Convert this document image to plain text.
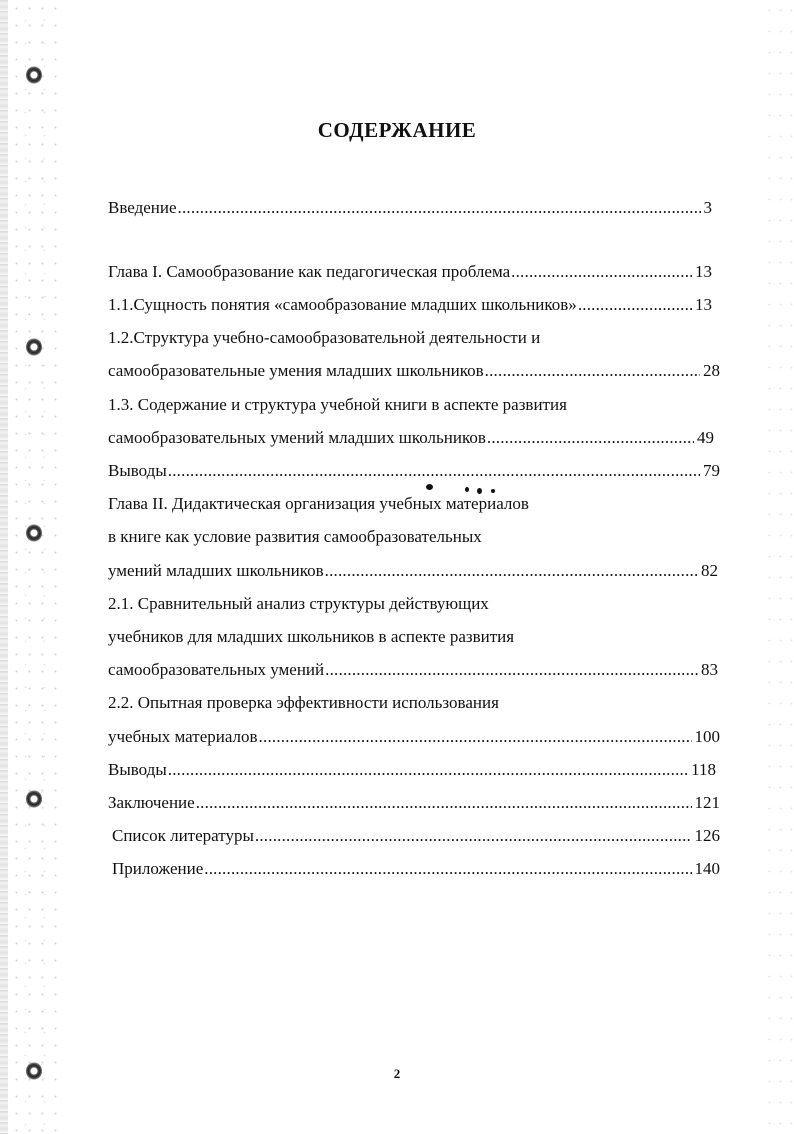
СОДЕРЖАНИЕ
Введение .....	3
Глава I. Самообразование как педагогическая проблема .....	13
1.1.Сущность понятия «самообразование младших школьников» .....	13
1.2.Структура учебно-самообразовательной деятельности и
самообразовательные умения младших школьников .....	28
1.3. Содержание и структура учебной книги в аспекте развития
самообразовательных умений младших школьников .....	49
Выводы .....	79
Глава II. Дидактическая организация учебных материалов
в книге как условие развития самообразовательных
умений младших школьников .....	82
2.1. Сравнительный анализ структуры действующих
учебников для младших школьников в аспекте развития
самообразовательных умений .....	83
2.2. Опытная проверка эффективности использования
учебных материалов .....	100
Выводы .....	118
Заключение .....	121
Список литературы .....	126
Приложение .....	140
2
